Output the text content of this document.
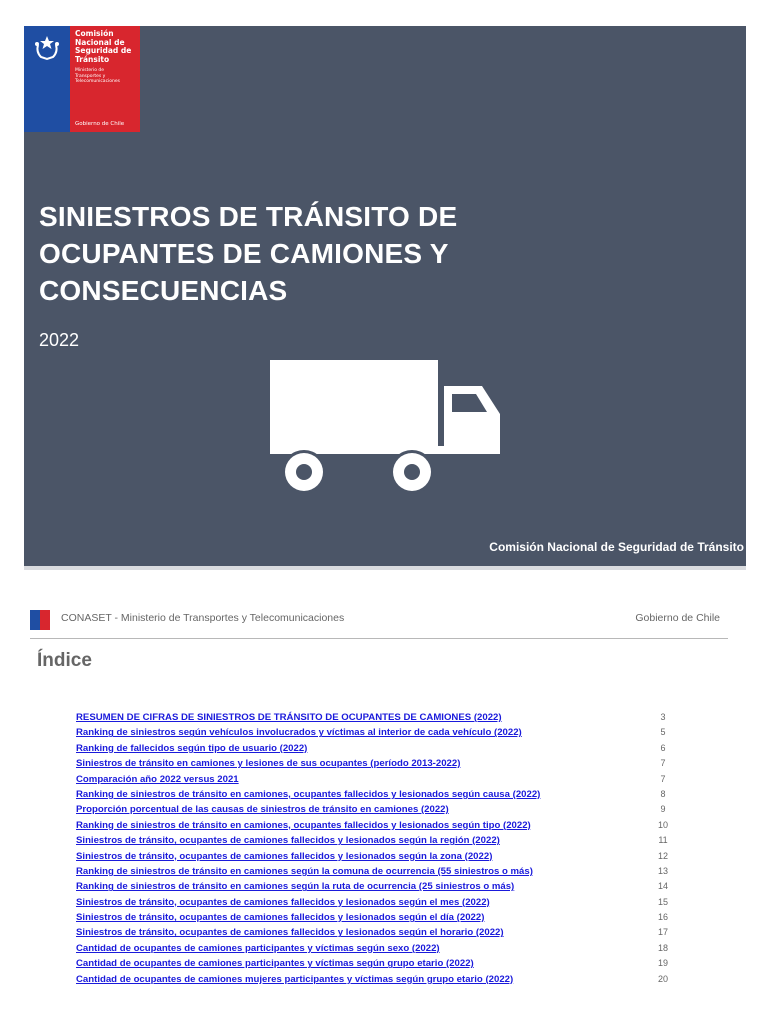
Comisión
Nacional de
Seguridad de
Tránsito
Ministerio de
Transportes y
Telecomunicaciones
Gobierno de Chile
SINIESTROS DE TRÁNSITO DE
OCUPANTES DE CAMIONES Y
CONSECUENCIAS
2022
Comisión Nacional de Seguridad de Tránsito
CONASET - Ministerio de Transportes y Telecomunicaciones	Gobierno de Chile
Índice
RESUMEN DE CIFRAS DE SINIESTROS DE TRÁNSITO DE OCUPANTES DE CAMIONES (2022)	3
Ranking de siniestros según vehículos involucrados y víctimas al interior de cada vehículo (2022)	5
Ranking de fallecidos según tipo de usuario (2022)	6
Siniestros de tránsito en camiones y lesiones de sus ocupantes (período 2013-2022)	7
Comparación año 2022 versus 2021	7
Ranking de siniestros de tránsito en camiones, ocupantes fallecidos y lesionados según causa (2022)	8
Proporción porcentual de las causas de siniestros de tránsito en camiones (2022)	9
Ranking de siniestros de tránsito en camiones, ocupantes fallecidos y lesionados según tipo (2022)	10
Siniestros de tránsito, ocupantes de camiones fallecidos y lesionados según la región (2022)	11
Siniestros de tránsito, ocupantes de camiones fallecidos y lesionados según la zona (2022)	12
Ranking de siniestros de tránsito en camiones según la comuna de ocurrencia (55 siniestros o más)	13
Ranking de siniestros de tránsito en camiones según la ruta de ocurrencia (25 siniestros o más)	14
Siniestros de tránsito, ocupantes de camiones fallecidos y lesionados según el mes (2022)	15
Siniestros de tránsito, ocupantes de camiones fallecidos y lesionados según el día (2022)	16
Siniestros de tránsito, ocupantes de camiones fallecidos y lesionados según el horario (2022)	17
Cantidad de ocupantes de camiones participantes y víctimas según sexo (2022)	18
Cantidad de ocupantes de camiones participantes y víctimas según grupo etario (2022)	19
Cantidad de ocupantes de camiones mujeres participantes y víctimas según grupo etario (2022)	20
